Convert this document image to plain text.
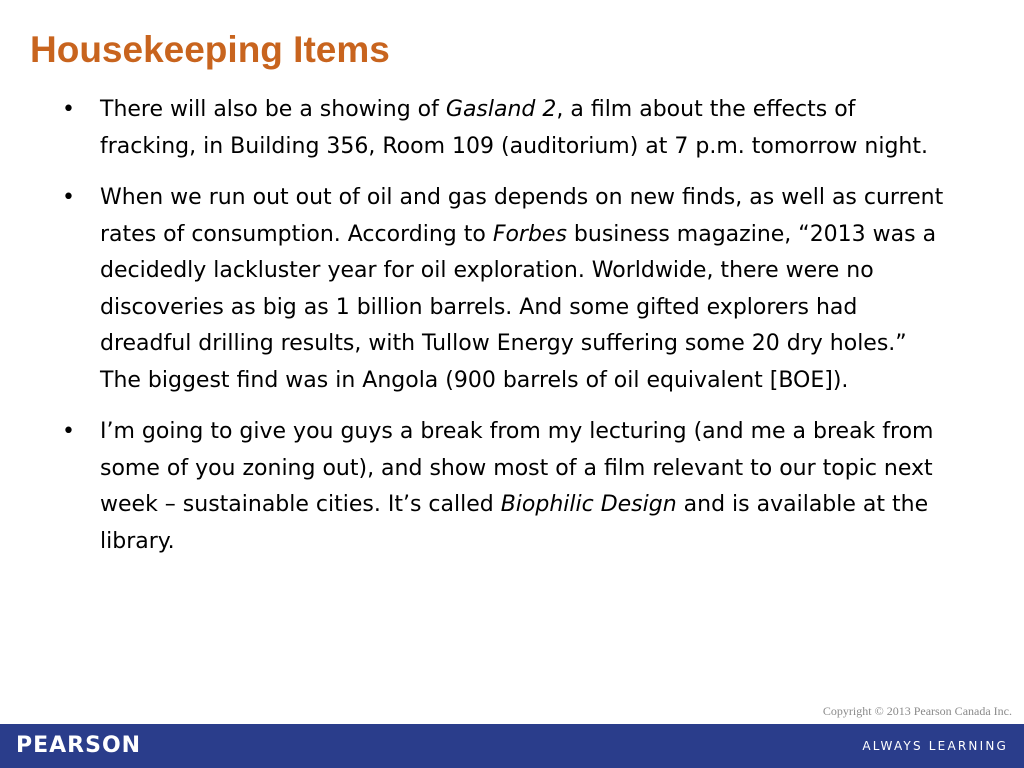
Housekeeping Items
• There will also be a showing of Gasland 2, a film about the effects of fracking, in Building 356, Room 109 (auditorium) at 7 p.m. tomorrow night.
• When we run out out of oil and gas depends on new finds, as well as current rates of consumption. According to Forbes business magazine, “2013 was a decidedly lackluster year for oil exploration. Worldwide, there were no discoveries as big as 1 billion barrels. And some gifted explorers had dreadful drilling results, with Tullow Energy suffering some 20 dry holes.” The biggest find was in Angola (900 barrels of oil equivalent [BOE]).
• I’m going to give you guys a break from my lecturing (and me a break from some of you zoning out), and show most of a film relevant to our topic next week – sustainable cities. It’s called Biophilic Design and is available at the library.
Copyright © 2013 Pearson Canada Inc.
PEARSON	ALWAYS LEARNING
